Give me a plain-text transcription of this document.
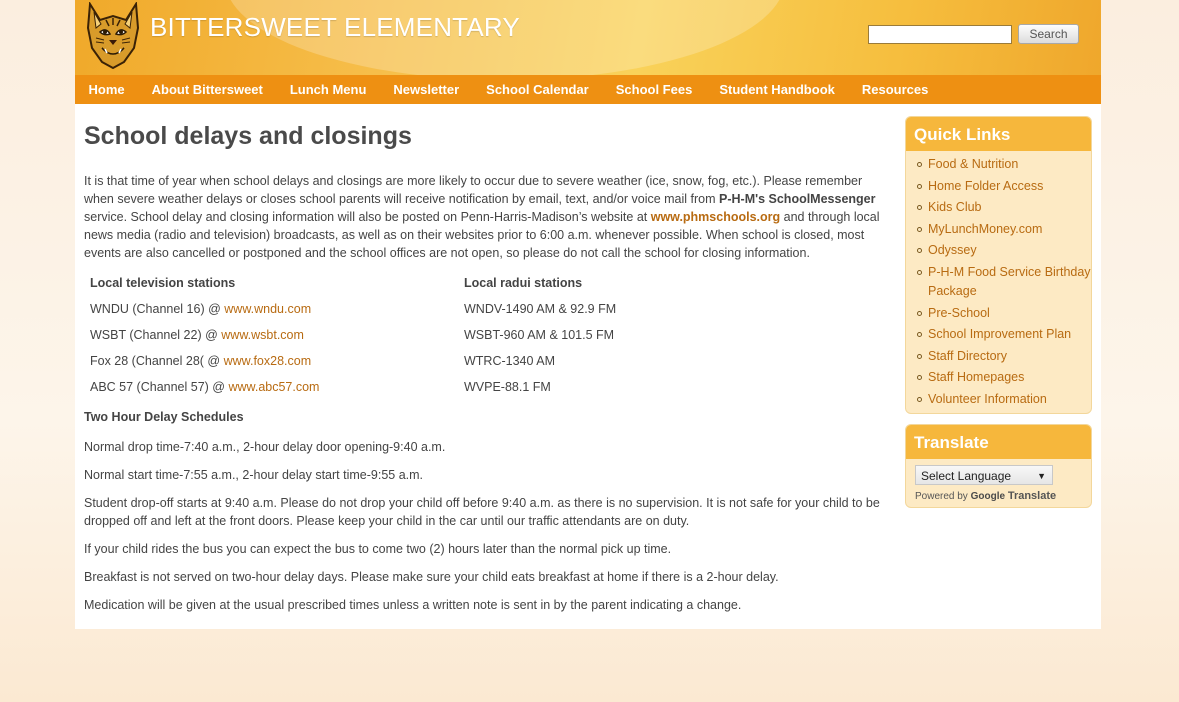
BITTERSWEET ELEMENTARY	Search
Home	About Bittersweet	Lunch Menu	Newsletter	School Calendar	School Fees	Student Handbook	Resources
School delays and closings

It is that time of year when school delays and closings are more likely to occur due to severe weather (ice, snow, fog, etc.). Please remember when severe weather delays or closes school parents will receive notification by email, text, and/or voice mail from P-H-M's SchoolMessenger service. School delay and closing information will also be posted on Penn-Harris-Madison’s website at www.phmschools.org and through local news media (radio and television) broadcasts, as well as on their websites prior to 6:00 a.m. whenever possible. When school is closed, most events are also cancelled or postponed and the school offices are not open, so please do not call the school for closing information.

Local television stations	Local radui stations
WNDU (Channel 16) @ www.wndu.com	WNDV-1490 AM & 92.9 FM
WSBT (Channel 22) @ www.wsbt.com	WSBT-960 AM & 101.5 FM
Fox 28 (Channel 28( @ www.fox28.com	WTRC-1340 AM
ABC 57 (Channel 57) @ www.abc57.com	WVPE-88.1 FM
Two Hour Delay Schedules

Normal drop time-7:40 a.m., 2-hour delay door opening-9:40 a.m.

Normal start time-7:55 a.m., 2-hour delay start time-9:55 a.m.

Student drop-off starts at 9:40 a.m. Please do not drop your child off before 9:40 a.m. as there is no supervision. It is not safe for your child to be dropped off and left at the front doors. Please keep your child in the car until our traffic attendants are on duty.

If your child rides the bus you can expect the bus to come two (2) hours later than the normal pick up time.

Breakfast is not served on two-hour delay days. Please make sure your child eats breakfast at home if there is a 2-hour delay.

Medication will be given at the usual prescribed times unless a written note is sent in by the parent indicating a change.

Quick Links
Food & Nutrition
Home Folder Access
Kids Club
MyLunchMoney.com
Odyssey
P-H-M Food Service Birthday Package
Pre-School
School Improvement Plan
Staff Directory
Staff Homepages
Volunteer Information
Translate
Select Language	▼
Powered by Google Translate
